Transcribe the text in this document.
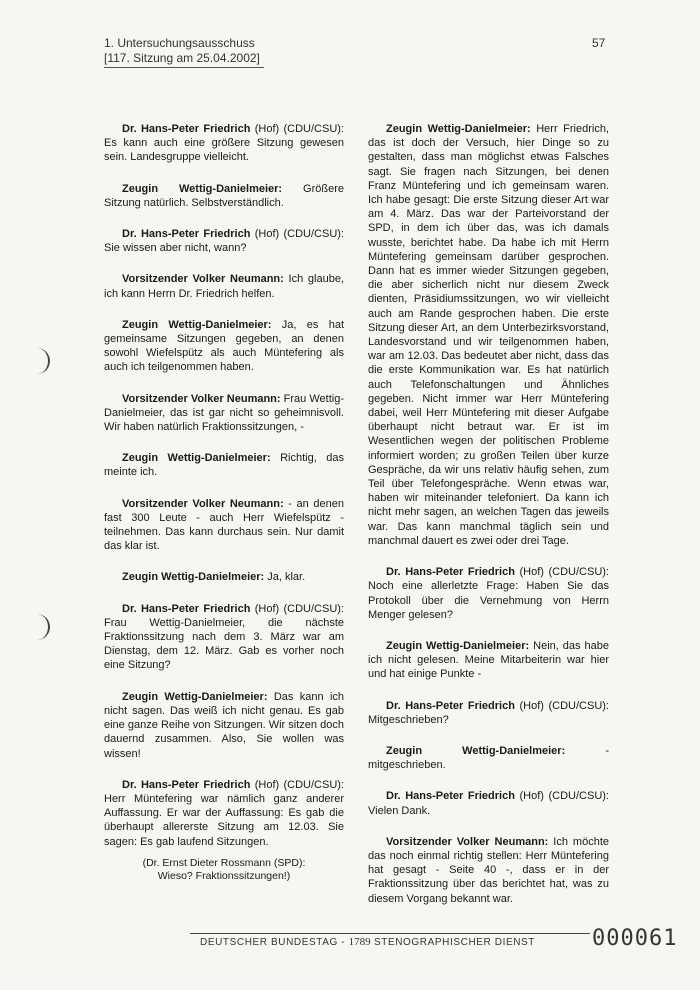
1. Untersuchungsausschuss
[117. Sitzung am 25.04.2002]
57

Dr. Hans-Peter Friedrich (Hof) (CDU/CSU): Es kann auch eine größere Sitzung gewesen sein. Landesgruppe vielleicht.

Zeugin Wettig-Danielmeier: Größere Sitzung natürlich. Selbstverständlich.

Dr. Hans-Peter Friedrich (Hof) (CDU/CSU): Sie wissen aber nicht, wann?

Vorsitzender Volker Neumann: Ich glaube, ich kann Herrn Dr. Friedrich helfen.

Zeugin Wettig-Danielmeier: Ja, es hat gemeinsame Sitzungen gegeben, an denen sowohl Wiefelspütz als auch Müntefering als auch ich teilgenommen haben.

Vorsitzender Volker Neumann: Frau Wettig-Danielmeier, das ist gar nicht so geheimnisvoll. Wir haben natürlich Fraktionssitzungen, -

Zeugin Wettig-Danielmeier: Richtig, das meinte ich.

Vorsitzender Volker Neumann: - an denen fast 300 Leute - auch Herr Wiefelspütz - teilnehmen. Das kann durchaus sein. Nur damit das klar ist.

Zeugin Wettig-Danielmeier: Ja, klar.

Dr. Hans-Peter Friedrich (Hof) (CDU/CSU): Frau Wettig-Danielmeier, die nächste Fraktionssitzung nach dem 3. März war am Dienstag, dem 12. März. Gab es vorher noch eine Sitzung?

Zeugin Wettig-Danielmeier: Das kann ich nicht sagen. Das weiß ich nicht genau. Es gab eine ganze Reihe von Sitzungen. Wir sitzen doch dauernd zusammen. Also, Sie wollen was wissen!

Dr. Hans-Peter Friedrich (Hof) (CDU/CSU): Herr Müntefering war nämlich ganz anderer Auffassung. Er war der Auffassung: Es gab die überhaupt allererste Sitzung am 12.03. Sie sagen: Es gab laufend Sitzungen.

(Dr. Ernst Dieter Rossmann (SPD):
Wieso? Fraktionssitzungen!)

Zeugin Wettig-Danielmeier: Herr Friedrich, das ist doch der Versuch, hier Dinge so zu gestalten, dass man möglichst etwas Falsches sagt. Sie fragen nach Sitzungen, bei denen Franz Müntefering und ich gemeinsam waren. Ich habe gesagt: Die erste Sitzung dieser Art war am 4. März. Das war der Parteivorstand der SPD, in dem ich über das, was ich damals wusste, berichtet habe. Da habe ich mit Herrn Müntefering gemeinsam darüber gesprochen. Dann hat es immer wieder Sitzungen gegeben, die aber sicherlich nicht nur diesem Zweck dienten, Präsidiumssitzungen, wo wir vielleicht auch am Rande gesprochen haben. Die erste Sitzung dieser Art, an dem Unterbezirksvorstand, Landesvorstand und wir teilgenommen haben, war am 12.03. Das bedeutet aber nicht, dass das die erste Kommunikation war. Es hat natürlich auch Telefonschaltungen und Ähnliches gegeben. Nicht immer war Herr Müntefering dabei, weil Herr Müntefering mit dieser Aufgabe überhaupt nicht betraut war. Er ist im Wesentlichen wegen der politischen Probleme informiert worden; zu großen Teilen über kurze Gespräche, da wir uns relativ häufig sehen, zum Teil über Telefongespräche. Wenn etwas war, haben wir miteinander telefoniert. Da kann ich nicht mehr sagen, an welchen Tagen das jeweils war. Das kann manchmal täglich sein und manchmal dauert es zwei oder drei Tage.

Dr. Hans-Peter Friedrich (Hof) (CDU/CSU): Noch eine allerletzte Frage: Haben Sie das Protokoll über die Vernehmung von Herrn Menger gelesen?

Zeugin Wettig-Danielmeier: Nein, das habe ich nicht gelesen. Meine Mitarbeiterin war hier und hat einige Punkte -

Dr. Hans-Peter Friedrich (Hof) (CDU/CSU): Mitgeschrieben?

Zeugin Wettig-Danielmeier: - mitgeschrieben.

Dr. Hans-Peter Friedrich (Hof) (CDU/CSU): Vielen Dank.

Vorsitzender Volker Neumann: Ich möchte das noch einmal richtig stellen: Herr Müntefering hat gesagt - Seite 40 -, dass er in der Fraktionssitzung über das berichtet hat, was zu diesem Vorgang bekannt war.

DEUTSCHER BUNDESTAG - 1789 STENOGRAPHISCHER DIENST	000061
